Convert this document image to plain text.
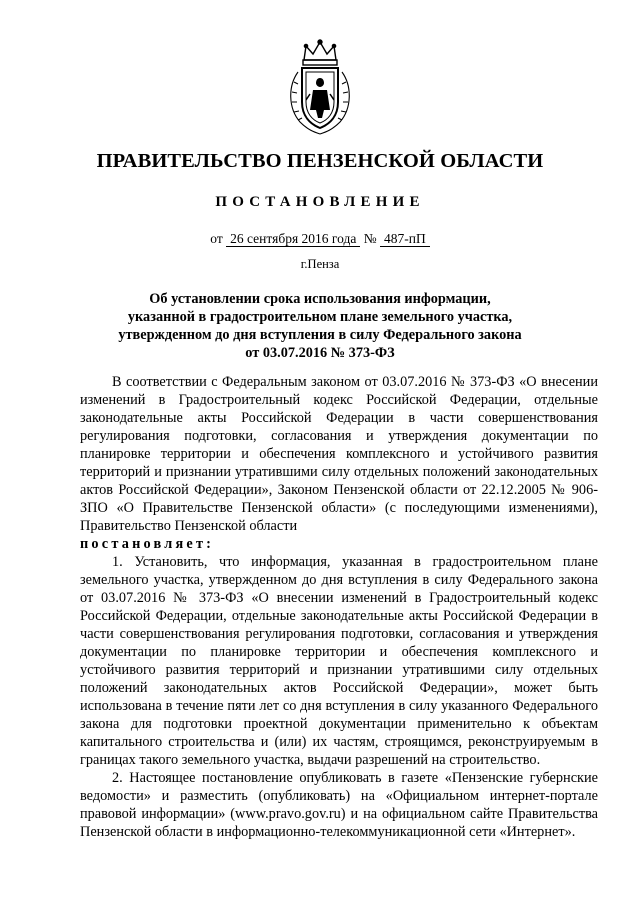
ПРАВИТЕЛЬСТВО ПЕНЗЕНСКОЙ ОБЛАСТИ
ПОСТАНОВЛЕНИЕ
от 26 сентября 2016 года № 487-пП
г.Пенза
Об установлении срока использования информации,
указанной в градостроительном плане земельного участка,
утвержденном до дня вступления в силу Федерального закона
от 03.07.2016 № 373-ФЗ

В соответствии с Федеральным законом от 03.07.2016 № 373-ФЗ «О внесении изменений в Градостроительный кодекс Российской Федерации, отдельные законодательные акты Российской Федерации в части совершенствования регулирования подготовки, согласования и утверждения документации по планировке территории и обеспечения комплексного и устойчивого развития территорий и признании утратившими силу отдельных положений законодательных актов Российской Федерации», Законом Пензенской области от 22.12.2005 № 906-ЗПО «О Правительстве Пензенской области» (с последующими изменениями), Правительство Пензенской области

постановляет:

1. Установить, что информация, указанная в градостроительном плане земельного участка, утвержденном до дня вступления в силу Федерального закона от 03.07.2016 № 373-ФЗ «О внесении изменений в Градостроительный кодекс Российской Федерации, отдельные законодательные акты Российской Федерации в части совершенствования регулирования подготовки, согласования и утверждения документации по планировке территории и обеспечения комплексного и устойчивого развития территорий и признании утратившими силу отдельных положений законодательных актов Российской Федерации», может быть использована в течение пяти лет со дня вступления в силу указанного Федерального закона для подготовки проектной документации применительно к объектам капитального строительства и (или) их частям, строящимся, реконструируемым в границах такого земельного участка, выдачи разрешений на строительство.

2. Настоящее постановление опубликовать в газете «Пензенские губернские ведомости» и разместить (опубликовать) на «Официальном интернет-портале правовой информации» (www.pravo.gov.ru) и на официальном сайте Правительства Пензенской области в информационно-телекоммуникационной сети «Интернет».
